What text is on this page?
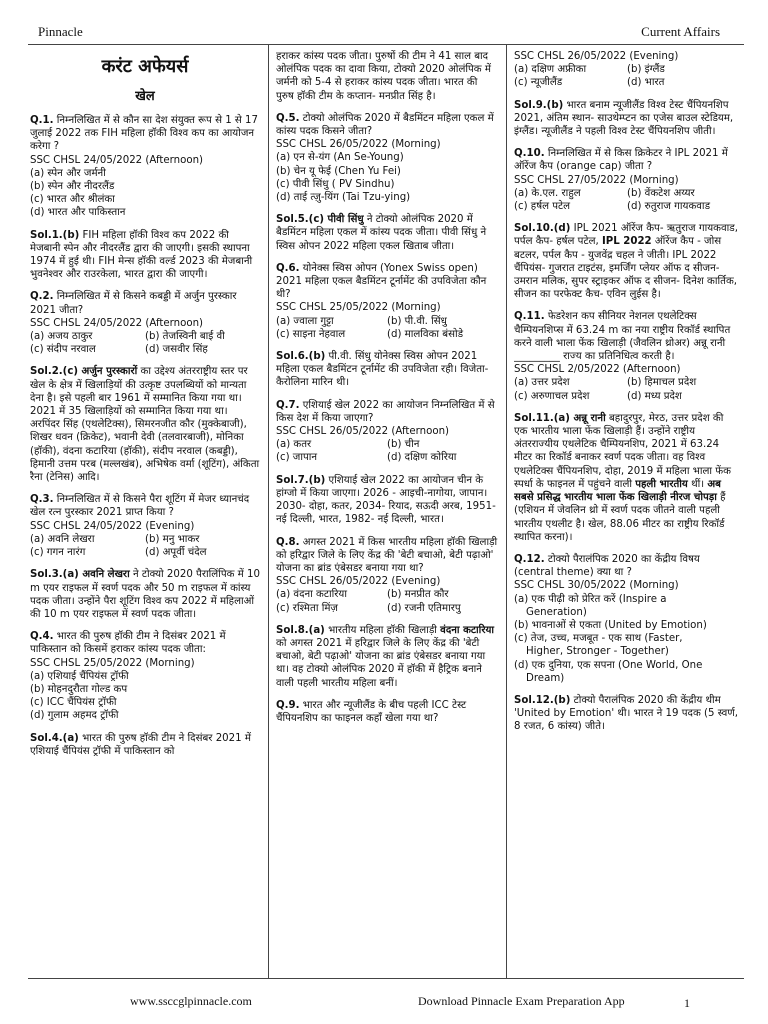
Pinnacle	Current Affairs
करंट अफेयर्स
खेल
Q.1. निम्नलिखित में से कौन सा देश संयुक्त रूप से 1 से 17 जुलाई 2022 तक FIH महिला हॉकी विश्व कप का आयोजन करेगा ?
SSC CHSL 24/05/2022 (Afternoon)
(a) स्पेन और जर्मनी
(b) स्पेन और नीदरलैंड
(c) भारत और श्रीलंका
(d) भारत और पाकिस्तान
Sol.1.(b) FIH महिला हॉकी विश्व कप 2022 की मेजबानी स्पेन और नीदरलैंड द्वारा की जाएगी। इसकी स्थापना 1974 में हुई थी। FIH मेन्स हॉकी वर्ल्ड 2023 की मेजबानी भुवनेश्वर और राउरकेला, भारत द्वारा की जाएगी।
Q.2. निम्नलिखित में से किसने कबड्डी में अर्जुन पुरस्कार 2021 जीता?
SSC CHSL 24/05/2022 (Afternoon)
(a) अजय ठाकुर	(b) तेजस्विनी बाई वी
(c) संदीप नरवाल	(d) जसवीर सिंह
Sol.2.(c) अर्जुन पुरस्कारों का उद्देश्य अंतरराष्ट्रीय स्तर पर खेल के क्षेत्र में खिलाड़ियों की उत्कृष्ट उपलब्धियों को मान्यता देना है। इसे पहली बार 1961 में सम्मानित किया गया था। 2021 में 35 खिलाड़ियों को सम्मानित किया गया था। अरपिंदर सिंह (एथलेटिक्स), सिमरनजीत कौर (मुक्केबाजी), शिखर धवन (क्रिकेट), भवानी देवी (तलवारबाजी), मोनिका (हॉकी), वंदना कटारिया (हॉकी), संदीप नरवाल (कबड्डी), हिमानी उत्तम परब (मल्लखंब), अभिषेक वर्मा (शूटिंग), अंकिता रैना (टेनिस) आदि।
Q.3. निम्नलिखित में से किसने पैरा शूटिंग में मेजर ध्यानचंद खेल रत्न पुरस्कार 2021 प्राप्त किया ?
SSC CHSL 24/05/2022 (Evening)
(a) अवनि लेखरा	(b) मनु भाकर
(c) गगन नारंग	(d) अपूर्वी चंदेल
Sol.3.(a) अवनि लेखरा ने टोक्यो 2020 पैरालिंपिक में 10 m एयर राइफल में स्वर्ण पदक और 50 m राइफल में कांस्य पदक जीता। उन्होंने पैरा शूटिंग विश्व कप 2022 में महिलाओं की 10 m एयर राइफल में स्वर्ण पदक जीता।
Q.4. भारत की पुरुष हॉकी टीम ने दिसंबर 2021 में पाकिस्तान को किसमें हराकर कांस्य पदक जीता:
SSC CHSL 25/05/2022 (Morning)
(a) एशियाई चैंपियंस ट्रॉफी
(b) मोहनदुरौता गोल्ड कप
(c) ICC चैंपियंस ट्रॉफी
(d) गुलाम अहमद ट्रॉफी
Sol.4.(a) भारत की पुरुष हॉकी टीम ने दिसंबर 2021 में एशियाई चैंपियंस ट्रॉफी में पाकिस्तान को
हराकर कांस्य पदक जीता। पुरुषों की टीम ने 41 साल बाद ओलंपिक पदक का दावा किया, टोक्यो 2020 ओलंपिक में जर्मनी को 5-4 से हराकर कांस्य पदक जीता। भारत की पुरुष हॉकी टीम के कप्तान- मनप्रीत सिंह है।
Q.5. टोक्यो ओलंपिक 2020 में बैडमिंटन महिला एकल में कांस्य पदक किसने जीता?
SSC CHSL 26/05/2022 (Morning)
(a) एन से-यंग (An Se-Young)
(b) चेन यू फेई (Chen Yu Fei)
(c) पीवी सिंधु ( PV Sindhu)
(d) ताई त्ज़ु-यिंग (Tai Tzu-ying)
Sol.5.(c) पीवी सिंधु ने टोक्यो ओलंपिक 2020 में बैडमिंटन महिला एकल में कांस्य पदक जीता। पीवी सिंधु ने स्विस ओपन 2022 महिला एकल खिताब जीता।
Q.6. योनेक्स स्विस ओपन (Yonex Swiss open) 2021 महिला एकल बैडमिंटन टूर्नामेंट की उपविजेता कौन थी?
SSC CHSL 25/05/2022 (Morning)
(a) ज्वाला गुट्टा	(b) पी.वी. सिंधु
(c) साइना नेहवाल	(d) मालविका बंसोडे
Sol.6.(b) पी.वी. सिंधु योनेक्स स्विस ओपन 2021 महिला एकल बैडमिंटन टूर्नामेंट की उपविजेता रही। विजेता- कैरोलिना मारिन थी।
Q.7. एशियाई खेल 2022 का आयोजन निम्नलिखित में से किस देश में किया जाएगा?
SSC CHSL 26/05/2022 (Afternoon)
(a) कतर	(b) चीन
(c) जापान	(d) दक्षिण कोरिया
Sol.7.(b) एशियाई खेल 2022 का आयोजन चीन के हांग्जो में किया जाएगा। 2026 - आइची-नागोया, जापान।
2030- दोहा, कतर, 2034- रियाद, सऊदी अरब, 1951- नई दिल्ली, भारत, 1982- नई दिल्ली, भारत।
Q.8. अगस्त 2021 में किस भारतीय महिला हॉकी खिलाड़ी को हरिद्वार जिले के लिए केंद्र की 'बेटी बचाओ, बेटी पढ़ाओ' योजना का ब्रांड एंबेसडर बनाया गया था?
SSC CHSL 26/05/2022 (Evening)
(a) वंदना कटारिया	(b) मनप्रीत कौर
(c) रश्मिता मिंज़	(d) रजनी एतिमारपु
Sol.8.(a) भारतीय महिला हॉकी खिलाड़ी वंदना कटारिया को अगस्त 2021 में हरिद्वार जिले के लिए केंद्र की 'बेटी बचाओ, बेटी पढ़ाओ' योजना का ब्रांड एंबेसडर बनाया गया था। वह टोक्यो ओलंपिक 2020 में हॉकी में हैट्रिक बनाने वाली पहली भारतीय महिला बनीं।
Q.9. भारत और न्यूजीलैंड के बीच पहली ICC टेस्ट चैंपियनशिप का फाइनल कहाँ खेला गया था?
SSC CHSL 26/05/2022 (Evening)
(a) दक्षिण अफ्रीका	(b) इंग्लैंड
(c) न्यूजीलैंड	(d) भारत
Sol.9.(b) भारत बनाम न्यूजीलैंड विश्व टेस्ट चैंपियनशिप 2021, अंतिम स्थान- साउथेम्प्टन का एजेस बाउल स्टेडियम, इंग्लैंड। न्यूजीलैंड ने पहली विश्व टेस्ट चैंपियनशिप जीती।
Q.10. निम्नलिखित में से किस क्रिकेटर ने IPL 2021 में ऑरेंज कैप (orange cap) जीता ?
SSC CHSL 27/05/2022 (Morning)
(a) के.एल. राहुल	(b) वेंकटेश अय्यर
(c) हर्षल पटेल	(d) रुतुराज गायकवाड
Sol.10.(d) IPL 2021 ऑरेंज कैप- ऋतुराज गायकवाड, पर्पल कैप- हर्षल पटेल, IPL 2022 ऑरेंज कैप - जोस बटलर, पर्पल कैप - युजवेंद्र चहल ने जीती। IPL 2022 चैंपियंस- गुजरात टाइटंस, इमर्जिंग प्लेयर ऑफ द सीजन- उमरान मलिक, सुपर स्ट्राइकर ऑफ द सीजन- दिनेश कार्तिक, सीजन का परफेक्ट कैच- एविन लुईस है।
Q.11. फेडरेशन कप सीनियर नेशनल एथलेटिक्स चैम्पियनशिप्स में 63.24 m का नया राष्ट्रीय रिकॉर्ड स्थापित करने वाली भाला फेंक खिलाड़ी (जैवलिन थ्रोअर) अन्नू रानी _________ राज्य का प्रतिनिधित्व करती है।
SSC CHSL 2/05/2022 (Afternoon)
(a) उत्तर प्रदेश	(b) हिमाचल प्रदेश
(c) अरुणाचल प्रदेश	(d) मध्य प्रदेश
Sol.11.(a) अन्नू रानी बहादुरपुर, मेरठ, उत्तर प्रदेश की एक भारतीय भाला फेंक खिलाड़ी हैं। उन्होंने राष्ट्रीय अंतरराज्यीय एथलेटिक चैम्पियनशिप, 2021 में 63.24 मीटर का रिकॉर्ड बनाकर स्वर्ण पदक जीता। वह विश्व एथलेटिक्स चैंपियनशिप, दोहा, 2019 में महिला भाला फेंक स्पर्धा के फाइनल में पहुंचने वाली पहली भारतीय थीं। अब सबसे प्रसिद्ध भारतीय भाला फेंक खिलाड़ी नीरज चोपड़ा हैं (एशियन में जेवलिन थ्रो में स्वर्ण पदक जीतने वाली पहली भारतीय एथलीट है। खेल, 88.06 मीटर का राष्ट्रीय रिकॉर्ड स्थापित करना)।
Q.12. टोक्यो पैरालंपिक 2020 का केंद्रीय विषय (central theme) क्या था ?
SSC CHSL 30/05/2022 (Morning)
(a) एक पीढ़ी को प्रेरित करें (Inspire a
Generation)
(b) भावनाओं से एकता (United by Emotion)
(c) तेज, उच्च, मजबूत - एक साथ (Faster,
Higher, Stronger - Together)
(d) एक दुनिया, एक सपना (One World, One
Dream)
Sol.12.(b) टोक्यो पैरालंपिक 2020 की केंद्रीय थीम 'United by Emotion' थी। भारत ने 19 पदक (5 स्वर्ण, 8 रजत, 6 कांस्य) जीते।
www.ssccglpinnacle.com	Download Pinnacle Exam Preparation App	1
